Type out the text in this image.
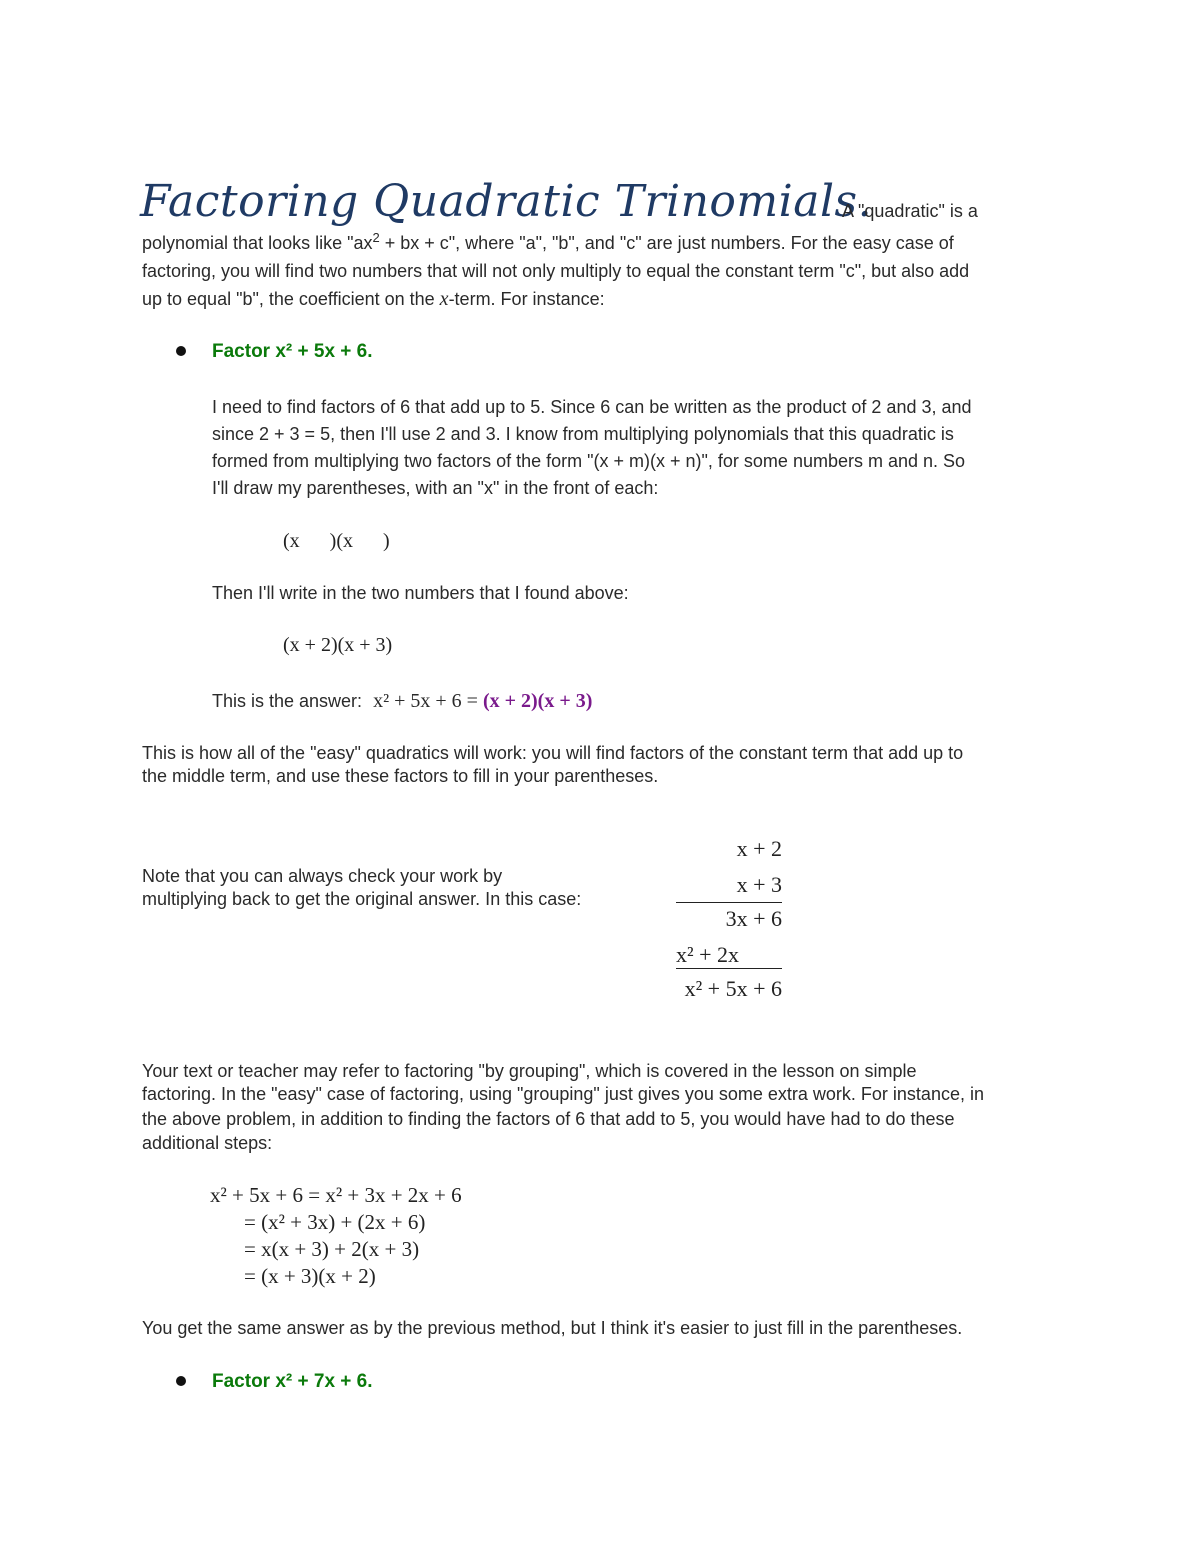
Factoring Quadratic Trinomials.
A "quadratic" is a
polynomial that looks like "$ax^2$ + bx + c", where "a", "b", and "c" are just numbers. For the easy case of
factoring, you will find two numbers that will not only multiply to equal the constant term "c", but also add
up to equal "b", the coefficient on the x-term. For instance:
Factor x² + 5x + 6.
I need to find factors of 6 that add up to 5. Since 6 can be written as the product of 2 and 3, and
since 2 + 3 = 5, then I'll use 2 and 3. I know from multiplying polynomials that this quadratic is
formed from multiplying two factors of the form "(x + m)(x + n)", for some numbers m and n. So
I'll draw my parentheses, with an "x" in the front of each:
(x      )(x      )
Then I'll write in the two numbers that I found above:
(x + 2)(x + 3)
This is the answer: x² + 5x + 6 = (x + 2)(x + 3)
This is how all of the "easy" quadratics will work: you will find factors of the constant term that add up to
the middle term, and use these factors to fill in your parentheses.
Note that you can always check your work by
multiplying back to get the original answer. In this case:
x + 2
x + 3
3x + 6
x² + 2x
x² + 5x + 6
Your text or teacher may refer to factoring "by grouping", which is covered in the lesson on simple
factoring. In the "easy" case of factoring, using "grouping" just gives you some extra work. For instance, in
the above problem, in addition to finding the factors of 6 that add to 5, you would have had to do these
additional steps:
x² + 5x + 6 = x² + 3x + 2x + 6
= (x² + 3x) + (2x + 6)
= x(x + 3) + 2(x + 3)
= (x + 3)(x + 2)
You get the same answer as by the previous method, but I think it's easier to just fill in the parentheses.
Factor x² + 7x + 6.
